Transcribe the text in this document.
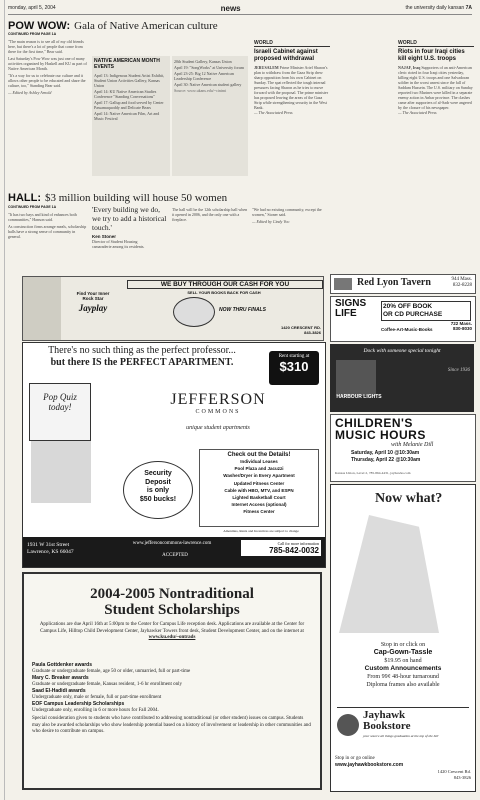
monday, april 5, 2004	news	the university daily kansan 7A
POW WOW: Gala of Native American culture
CONTINUED FROM PAGE 1A

"The main reason is to see all of my old friends here, but there's a lot of people that come from there for the first time," Bear said.

Last Saturday's Pow Wow was just one of many activities organized by Haskell and KU as part of Native American Month.

"It's a way for us to celebrate our culture and it allows other people to be educated and share the culture, too," Standing Bear said.

— Edited by Ashley Arnold
NATIVE AMERICAN MONTH EVENTS

April 13: Indigenous Student Artist Exhibit, Student Union Activities Gallery, Kansas Union

April 14: KU Native American Studies Conference "Standing Conversations"

April 17: Gallup and food served by Center Passamaquoddy and Delicate Bears

April 14: Native American Film, Art and Music Festival

20th Student Gallery, Kansas Union

April 19: "SongWorks" at University forum

April 23-25: Big 12 Native American Leadership Conference

April 30: Native American student gallery

Source: www.ukans.edu/~cinimi
HALL: $3 million building will house 50 women
CONTINUED FROM PAGE 1A

"It has two bays and kind of enhances both communities," Hanson said.

As construction firms arrange meals, scholarship halls have a strong sense of community in general.

'Every building we do, we try to add a historical touch.'
Ken Stoner
Director of Student Housing
camaraderie among its residents.

The hall will be the 12th scholarship hall when it opened in 2006, and the only one with a fireplace.

"We had no existing community, except the women," Stoner said.

— Edited by Cindy Voo
WORLD
Israeli Cabinet against proposed withdrawal
JERUSALEM Prime Minister Ariel Sharon's plan to withdraw from the Gaza Strip drew sharp opposition from his own Cabinet on Sunday. The spat reflected the tough internal pressures facing Sharon as he tries to move forward with the proposal. The prime minister has proposed leaving the areas of the Gaza Strip while strengthening security in the West Bank.
— The Associated Press
WORLD
Riots in four Iraqi cities kill eight U.S. troops
NAJAF, Iraq Supporters of an anti-American cleric rioted in four Iraqi cities yesterday, killing eight U.S. troops and one Salvadoran soldier in the worst unrest since the fall of Saddam Hussein. The U.S. military on Sunday reported two Marines were killed in a separate enemy action in Anbar province. The clashes came after supporters of al-Sadr were angered by the closure of his newspaper.
— The Associated Press
Find Your Inner
Rock Star
Jayplay
WE BUY THROUGH OUR CASH FOR YOU
SELL YOUR BOOKS BACK FOR CASH
NOW THRU FINALS
1420 CRESCENT RD.
843-3826
Red Lyon Tavern	944 Mass.
832-8228
SIGNS
LIFE
20% OFF BOOK
OR CD PURCHASE
Coffee-Art-Music-Books
722 Mass.
830-8030
Dock with someone special tonight
HARBOUR LIGHTS
Since 1936
CHILDREN'S
MUSIC HOURS
with Melanie Dill
Saturday, April 10 @10:30am
Thursday, April 22 @10:30am
Kansas Union, Level 2, 785-864-4431, jayhawks.com
There's no such thing as the perfect professor...
but there IS the PERFECT APARTMENT.
Rent starting at
$310
Pop Quiz
today!	JEFFERSON
COMMONS
unique student apartments
Security
Deposit
is only
$50 bucks!
Check out the Details!
Individual Leases
Pool Plaza and Jacuzzi
Washer/Dryer in Every Apartment
Updated Fitness Center
Cable with HBO, MTV, and ESPN
Lighted Basketball Court
Internet Access (optional)
Fitness Center
Amenities, Rents and Incentives are subject to change
1931 W 31st Street
Lawrence, KS 66047
www.jeffersoncommons-lawrence.com
ACCEPTED
Call for more information
785-842-0032
2004-2005 Nontraditional
Student Scholarships
Applications are due April 16th at 5:00pm to the Center for Campus Life reception desk. Applications are available at the Center for Campus Life, Hilltop Child Development Center, Jayhawker Towers front desk, Student Development Center, and on the internet at
www.ku.edu/~ontrads
Paula Gottdenker awards
Graduate or undergraduate female, age 50 or older, unmarried, full or part-time
Mary C. Breaker awards
Graduate or undergraduate female, Kansas resident, 1-6 hr enrollment only
Saad El-Hadidi awards
Undergraduate only, male or female, full or part-time enrollment
EOF Campus Leadership Scholarships
Undergraduate only, enrolling in 6 or more hours for Fall 2004.
Special consideration given to students who have contributed to addressing nontraditional (or other student) issues on campus. Students may also be awarded scholarships who show leadership potential based on a history of involvement or leadership in other communities and who desire to contribute on campus.
Now what?
Stop in or click on
Cap-Gown-Tassle
$19.95 on hand
Custom Announcements
From 99¢ 48-hour turnaround
Diploma frames also available
Jayhawk
Bookstore
your source all things graduation at the top of the hill
Stop in or go online
www.jayhawkbookstore.com
1420 Crescent Rd.
843-3826
